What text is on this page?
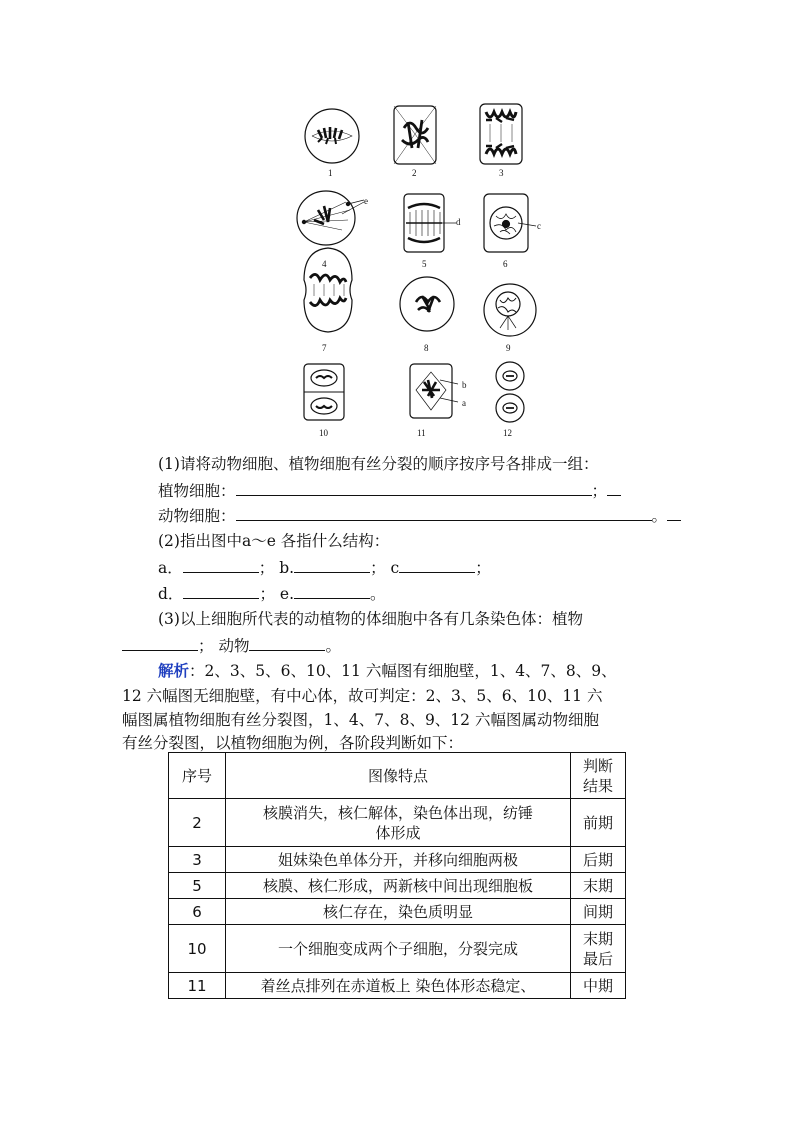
1	2	3
4	5	6
7	8	9
10	11	12
e
d	c
b
a
(1)请将动物细胞、植物细胞有丝分裂的顺序按序号各排成一组：
植物细胞：	；
动物细胞：	。
(2)指出图中a～e 各指什么结构：
a．	； b.	； c	；
d．	； e.	。
(3)以上细胞所代表的动植物的体细胞中各有几条染色体：植物
； 动物	。
解析：2、3、5、6、10、11 六幅图有细胞壁，1、4、7、8、9、
12 六幅图无细胞壁，有中心体，故可判定：2、3、5、6、10、11 六
幅图属植物细胞有丝分裂图，1、4、7、8、9、12 六幅图属动物细胞
有丝分裂图，以植物细胞为例，各阶段判断如下：
序号	图像特点	判断
结果

2	核膜消失，核仁解体，染色体出现，纺锤
体形成	前期
3	姐妹染色单体分开，并移向细胞两极	后期
5	核膜、核仁形成，两新核中间出现细胞板	末期
6	核仁存在，染色质明显	间期
10	一个细胞变成两个子细胞，分裂完成	末期
最后

11	着丝点排列在赤道板上 染色体形态稳定、	中期
